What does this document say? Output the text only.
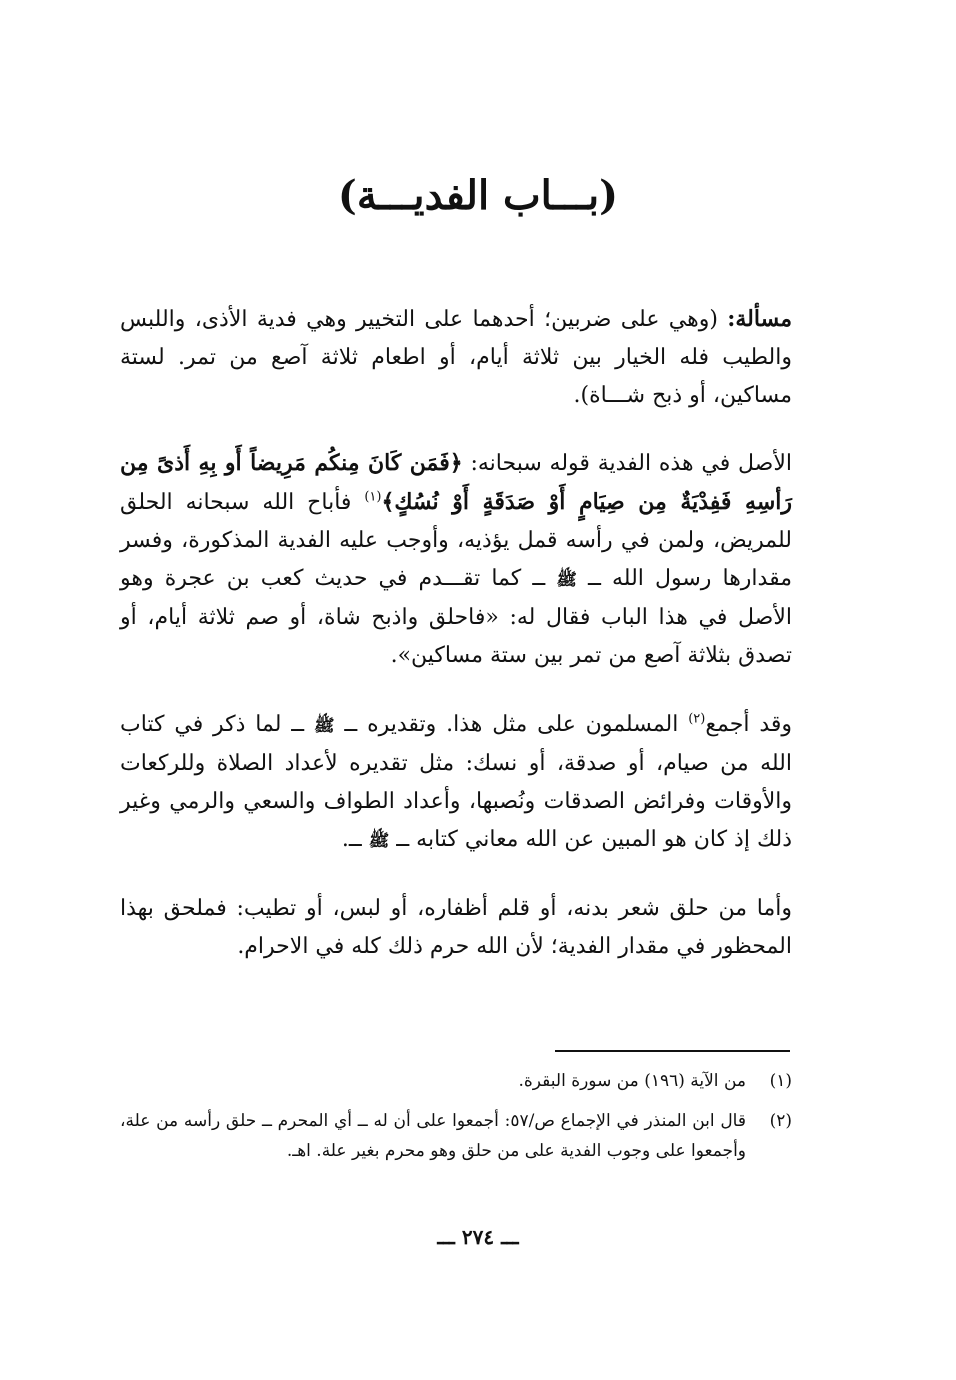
(بـــاب الفديـــة)

مسألة: (وهي على ضربين؛ أحدهما على التخيير وهي فدية الأذى، واللبس والطيب فله الخيار بين ثلاثة أيام، أو اطعام ثلاثة آصع من تمر. لستة مساكين، أو ذبح شـــاة).

الأصل في هذه الفدية قوله سبحانه: ﴿فَمَن كَانَ مِنكُم مَرِيضاً أَو بِهِ أَذىً مِن رَأسِهِ فَفِدْيَةٌ مِن صِيَامٍ أَوْ صَدَقَةٍ أَوْ نُسُكٍ﴾$^{(١)}$ فأباح الله سبحانه الحلق للمريض، ولمن في رأسه قمل يؤذيه، وأوجب عليه الفدية المذكورة، وفسر مقدارها رسول الله ــ ﷺ ــ كما تقـــدم في حديث كعب بن عجرة وهو الأصل في هذا الباب فقال له: «فاحلق واذبح شاة، أو صم ثلاثة أيام، أو تصدق بثلاثة آصع من تمر بين ستة مساكين».

وقد أجمع$^{(٢)}$ المسلمون على مثل هذا. وتقديره ــ ﷺ ــ لما ذكر في كتاب الله من صيام، أو صدقة، أو نسك: مثل تقديره لأعداد الصلاة وللركعات والأوقات وفرائض الصدقات ونُصبها، وأعداد الطواف والسعي والرمي وغير ذلك إذ كان هو المبين عن الله معاني كتابه ــ ﷺ ــ.

وأما من حلق شعر بدنه، أو قلم أظفاره، أو لبس، أو تطيب: فملحق بهذا المحظور في مقدار الفدية؛ لأن الله حرم ذلك كله في الاحرام.

(١)
من الآية (١٩٦) من سورة البقرة.
(٢)
قال ابن المنذر في الإجماع ص/٥٧: أجمعوا على أن له ــ أي المحرم ــ حلق رأسه من علة، وأجمعوا على وجوب الفدية على من حلق وهو محرم بغير علة. اهـ.
ـــ ٢٧٤ ـــ
